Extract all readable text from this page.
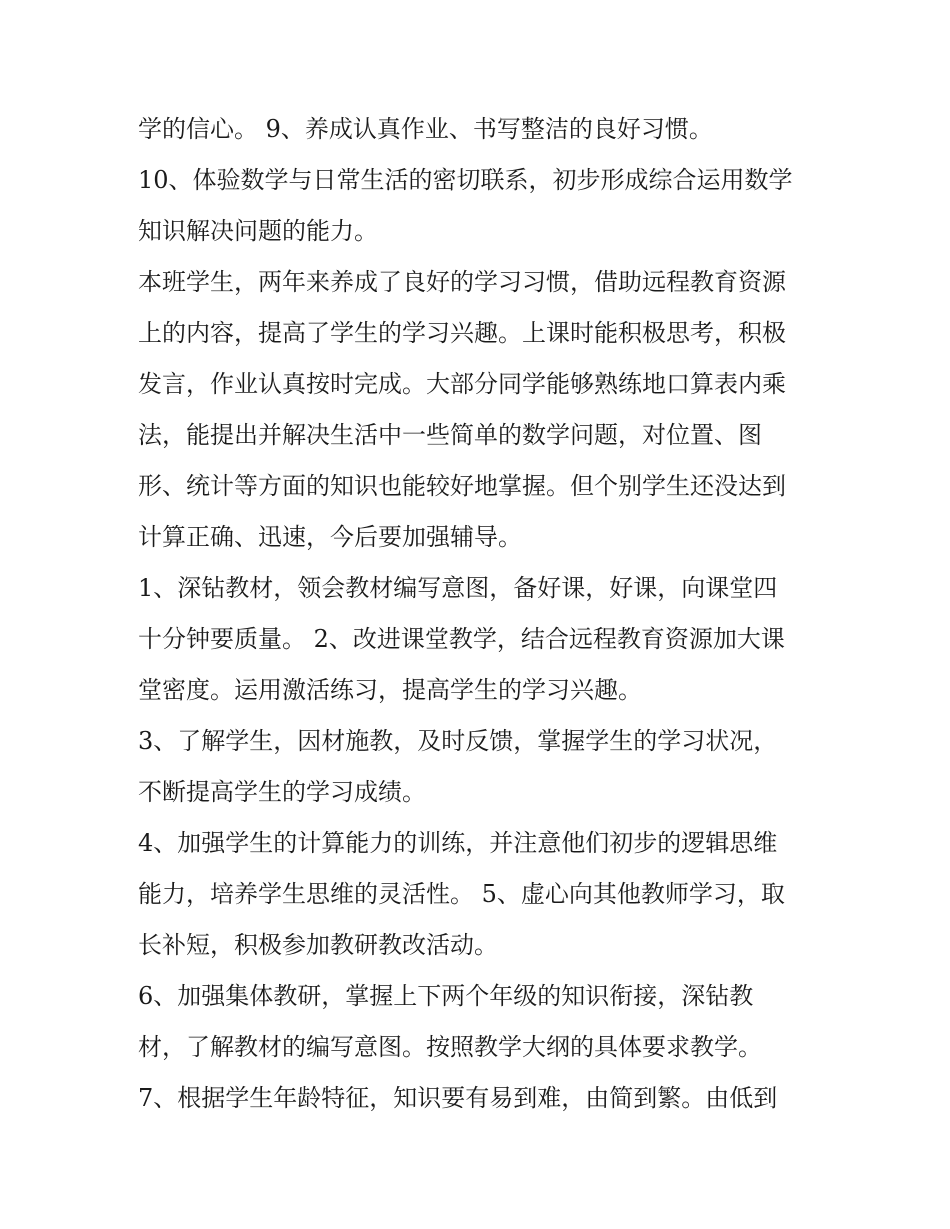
学的信心。 9、养成认真作业、书写整洁的良好习惯。
10、体验数学与日常生活的密切联系，初步形成综合运用数学
知识解决问题的能力。
本班学生，两年来养成了良好的学习习惯，借助远程教育资源
上的内容，提高了学生的学习兴趣。上课时能积极思考，积极
发言，作业认真按时完成。大部分同学能够熟练地口算表内乘
法，能提出并解决生活中一些简单的数学问题，对位置、图
形、统计等方面的知识也能较好地掌握。但个别学生还没达到
计算正确、迅速，今后要加强辅导。
1、深钻教材，领会教材编写意图，备好课，好课，向课堂四
十分钟要质量。 2、改进课堂教学，结合远程教育资源加大课
堂密度。运用激活练习，提高学生的学习兴趣。
3、了解学生，因材施教，及时反馈，掌握学生的学习状况，
不断提高学生的学习成绩。
4、加强学生的计算能力的训练，并注意他们初步的逻辑思维
能力，培养学生思维的灵活性。 5、虚心向其他教师学习，取
长补短，积极参加教研教改活动。
6、加强集体教研，掌握上下两个年级的知识衔接，深钻教
材，了解教材的编写意图。按照教学大纲的具体要求教学。
7、根据学生年龄特征，知识要有易到难，由简到繁。由低到
